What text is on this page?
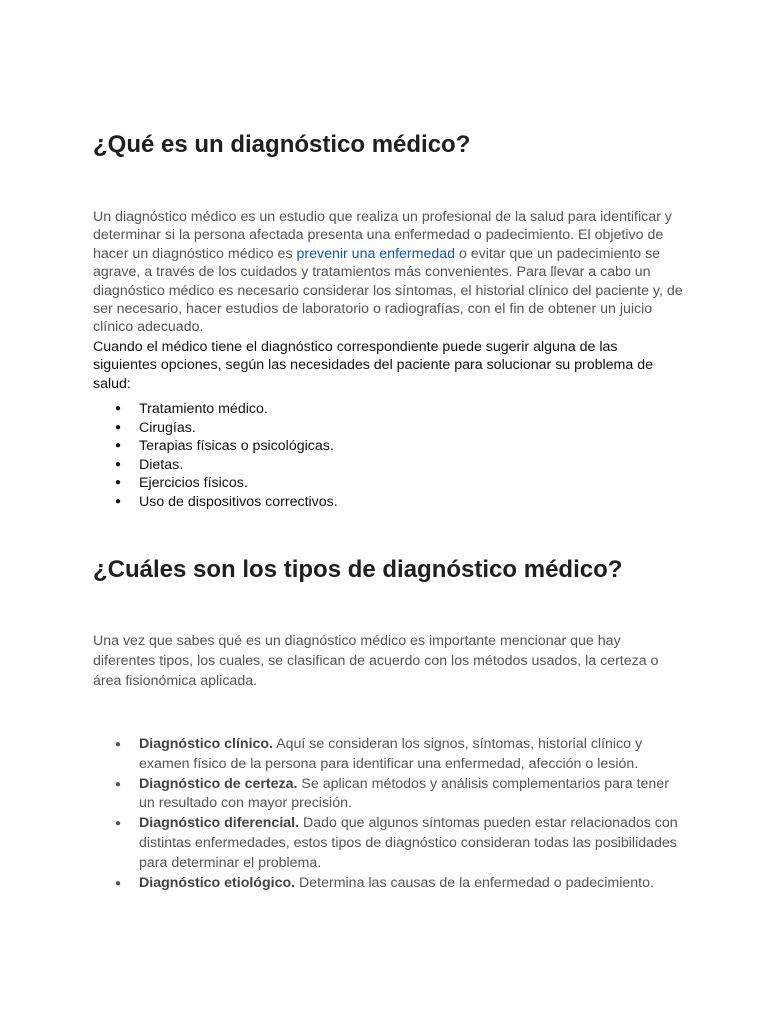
¿Qué es un diagnóstico médico?

Un diagnóstico médico es un estudio que realiza un profesional de la salud para identificar y determinar si la persona afectada presenta una enfermedad o padecimiento. El objetivo de hacer un diagnóstico médico es prevenir una enfermedad o evitar que un padecimiento se agrave, a través de los cuidados y tratamientos más convenientes. Para llevar a cabo un diagnóstico médico es necesario considerar los síntomas, el historial clínico del paciente y, de ser necesario, hacer estudios de laboratorio o radiografías, con el fin de obtener un juicio clínico adecuado.

Cuando el médico tiene el diagnóstico correspondiente puede sugerir alguna de las siguientes opciones, según las necesidades del paciente para solucionar su problema de salud:

● Tratamiento médico.
● Cirugías.
● Terapias físicas o psicológicas.
● Dietas.
● Ejercicios físicos.
● Uso de dispositivos correctivos.
¿Cuáles son los tipos de diagnóstico médico?

Una vez que sabes qué es un diagnóstico médico es importante mencionar que hay diferentes tipos, los cuales, se clasifican de acuerdo con los métodos usados, la certeza o área fisionómica aplicada.

● Diagnóstico clínico. Aquí se consideran los signos, síntomas, historial clínico y examen físico de la persona para identificar una enfermedad, afección o lesión.
● Diagnóstico de certeza. Se aplican métodos y análisis complementarios para tener un resultado con mayor precisión.
● Diagnóstico diferencial. Dado que algunos síntomas pueden estar relacionados con distintas enfermedades, estos tipos de diagnóstico consideran todas las posibilidades para determinar el problema.
● Diagnóstico etiológico. Determina las causas de la enfermedad o padecimiento.
